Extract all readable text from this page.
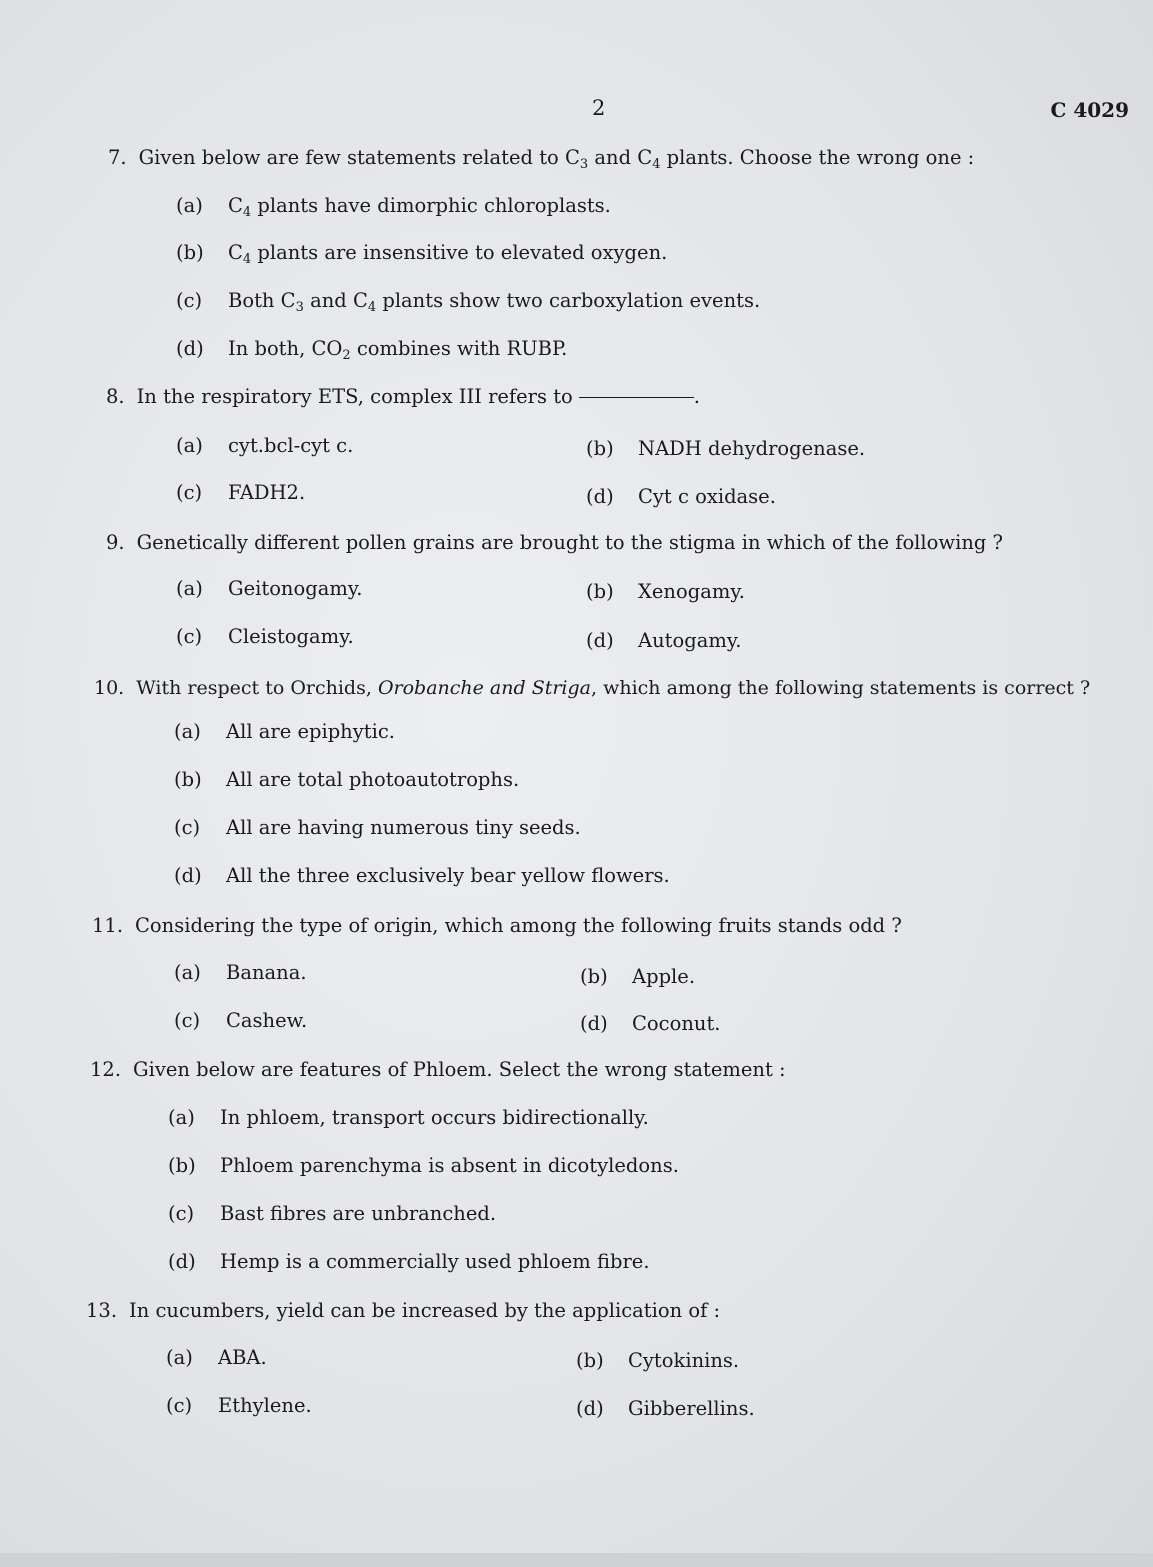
2	C 4029
7. Given below are few statements related to $C_3$ and $C_4$ plants. Choose the wrong one :
(a) $C_4$ plants have dimorphic chloroplasts.
(b) $C_4$ plants are insensitive to elevated oxygen.
(c) Both $C_3$ and $C_4$ plants show two carboxylation events.
(d) In both, $CO_2$ combines with RUBP.
8. In the respiratory ETS, complex III refers to	.
(a) cyt.bcl-cyt c.	(b) NADH dehydrogenase.
(c) FADH2.	(d) Cyt c oxidase.
9. Genetically different pollen grains are brought to the stigma in which of the following ?
(a) Geitonogamy.	(b) Xenogamy.
(c) Cleistogamy.	(d) Autogamy.
10. With respect to Orchids, Orobanche and Striga, which among the following statements is correct ?
(a) All are epiphytic.
(b) All are total photoautotrophs.
(c) All are having numerous tiny seeds.
(d) All the three exclusively bear yellow flowers.
11. Considering the type of origin, which among the following fruits stands odd ?
(a) Banana.	(b) Apple.
(c) Cashew.	(d) Coconut.
12. Given below are features of Phloem. Select the wrong statement :
(a) In phloem, transport occurs bidirectionally.
(b) Phloem parenchyma is absent in dicotyledons.
(c) Bast fibres are unbranched.
(d) Hemp is a commercially used phloem fibre.
13. In cucumbers, yield can be increased by the application of :
(a) ABA.	(b) Cytokinins.
(c) Ethylene.	(d) Gibberellins.
